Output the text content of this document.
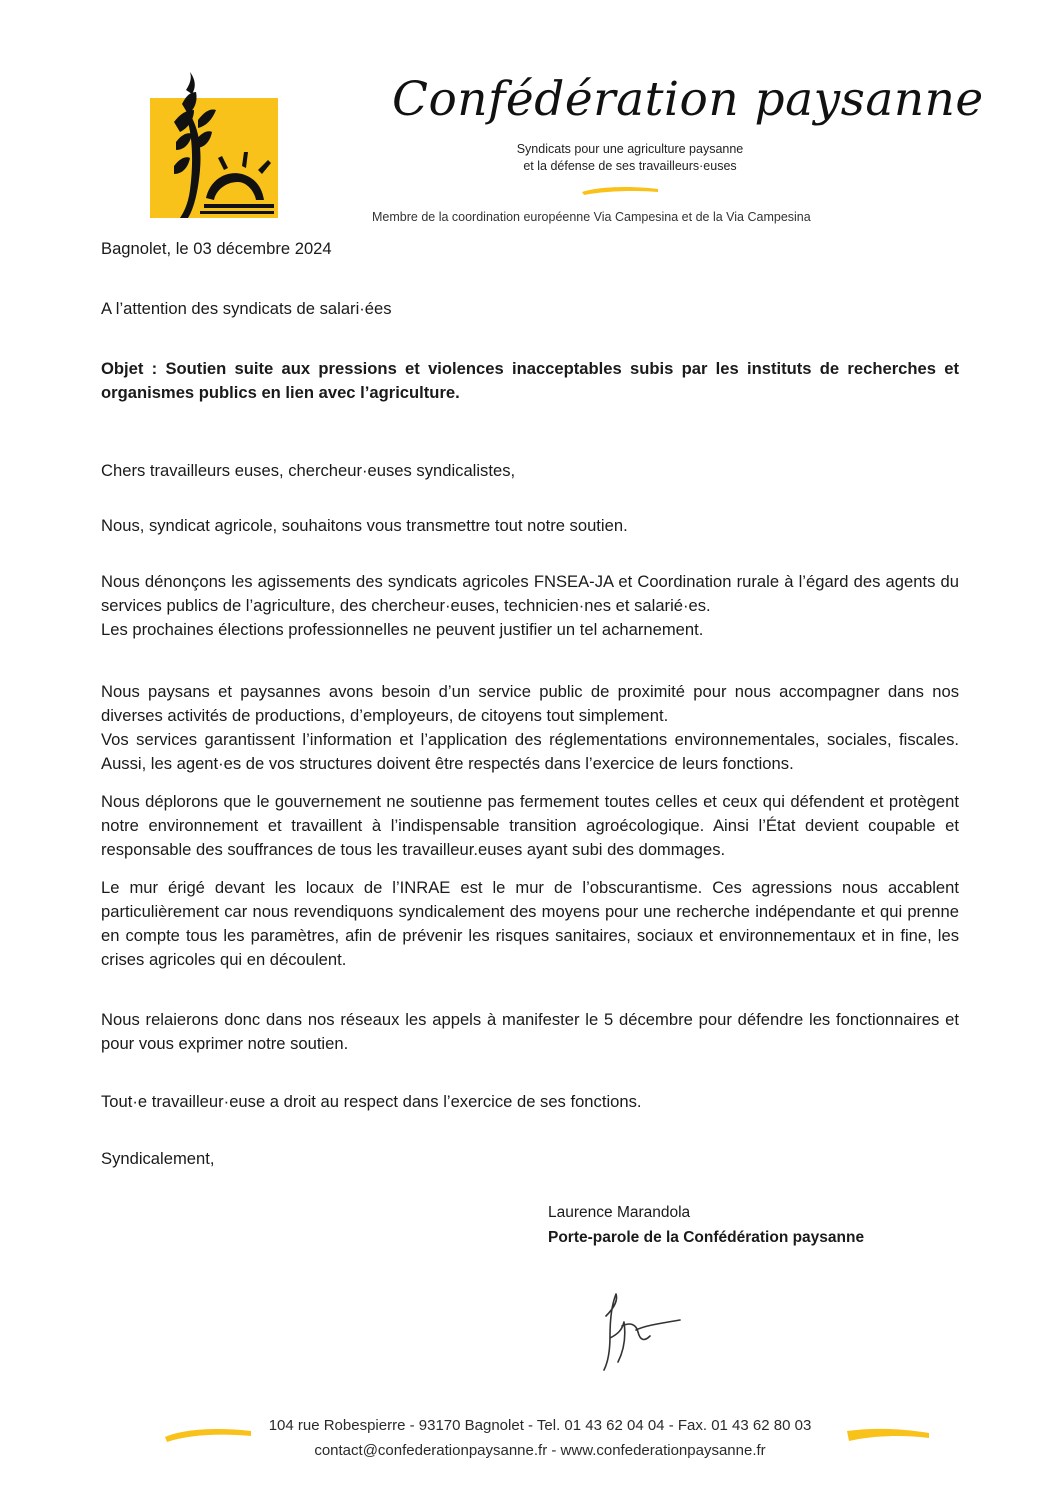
Confédération paysanne
Syndicats pour une agriculture paysanne
et la défense de ses travailleurs·euses
Membre de la coordination européenne Via Campesina et de la Via Campesina
Bagnolet, le 03 décembre 2024
A l’attention des syndicats de salari·ées
Objet : Soutien suite aux pressions et violences inacceptables subis par les instituts de recherches et organismes publics en lien avec l’agriculture.
Chers travailleurs euses, chercheur·euses syndicalistes,

Nous, syndicat agricole, souhaitons vous transmettre tout notre soutien.

Nous dénonçons les agissements des syndicats agricoles FNSEA-JA et Coordination rurale à l’égard des agents du services publics de l’agriculture, des chercheur·euses, technicien·nes et salarié·es.

Les prochaines élections professionnelles ne peuvent justifier un tel acharnement.

Nous paysans et paysannes avons besoin d’un service public de proximité pour nous accompagner dans nos diverses activités de productions, d’employeurs, de citoyens tout simplement.

Vos services garantissent l’information et l’application des réglementations environnementales, sociales, fiscales. Aussi, les agent·es de vos structures doivent être respectés dans l’exercice de leurs fonctions.

Nous déplorons que le gouvernement ne soutienne pas fermement toutes celles et ceux qui défendent et protègent notre environnement et travaillent à l’indispensable transition agroécologique. Ainsi l’État devient coupable et responsable des souffrances de tous les travailleur.euses ayant subi des dommages.

Le mur érigé devant les locaux de l’INRAE est le mur de l’obscurantisme. Ces agressions nous accablent particulièrement car nous revendiquons syndicalement des moyens pour une recherche indépendante et qui prenne en compte tous les paramètres, afin de prévenir les risques sanitaires, sociaux et environnementaux et in fine, les crises agricoles qui en découlent.

Nous relaierons donc dans nos réseaux les appels à manifester le 5 décembre pour défendre les fonctionnaires et pour vous exprimer notre soutien.

Tout·e travailleur·euse a droit au respect dans l’exercice de ses fonctions.

Syndicalement,
Laurence Marandola
Porte-parole de la Confédération paysanne
104 rue Robespierre - 93170 Bagnolet - Tel. 01 43 62 04 04 - Fax. 01 43 62 80 03
contact@confederationpaysanne.fr - www.confederationpaysanne.fr
